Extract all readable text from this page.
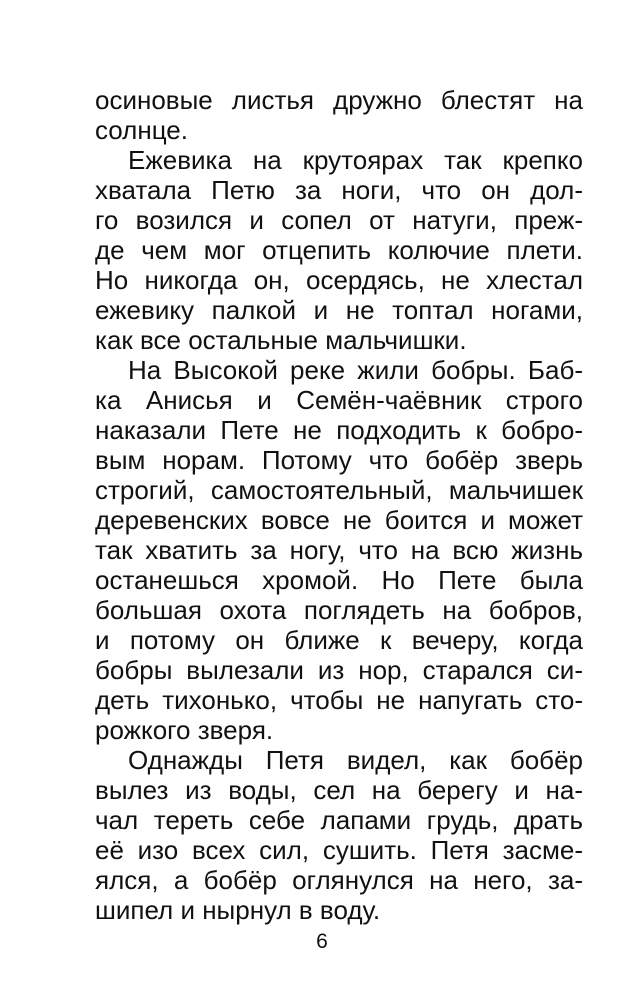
осиновые листья дружно блестят на
солнце.
Ежевика на крутоярах так крепко
хватала Петю за ноги, что он дол-
го возился и сопел от натуги, преж-
де чем мог отцепить колючие плети.
Но никогда он, осердясь, не хлестал
ежевику палкой и не топтал ногами,
как все остальные мальчишки.
На Высокой реке жили бобры. Баб-
ка Анисья и Семён-чаёвник строго
наказали Пете не подходить к бобро-
вым норам. Потому что бобёр зверь
строгий, самостоятельный, мальчишек
деревенских вовсе не боится и может
так хватить за ногу, что на всю жизнь
останешься хромой. Но Пете была
большая охота поглядеть на бобров,
и потому он ближе к вечеру, когда
бобры вылезали из нор, старался си-
деть тихонько, чтобы не напугать сто-
рожкого зверя.
Однажды Петя видел, как бобёр
вылез из воды, сел на берегу и на-
чал тереть себе лапами грудь, драть
её изо всех сил, сушить. Петя засме-
ялся, а бобёр оглянулся на него, за-
шипел и нырнул в воду.
6
